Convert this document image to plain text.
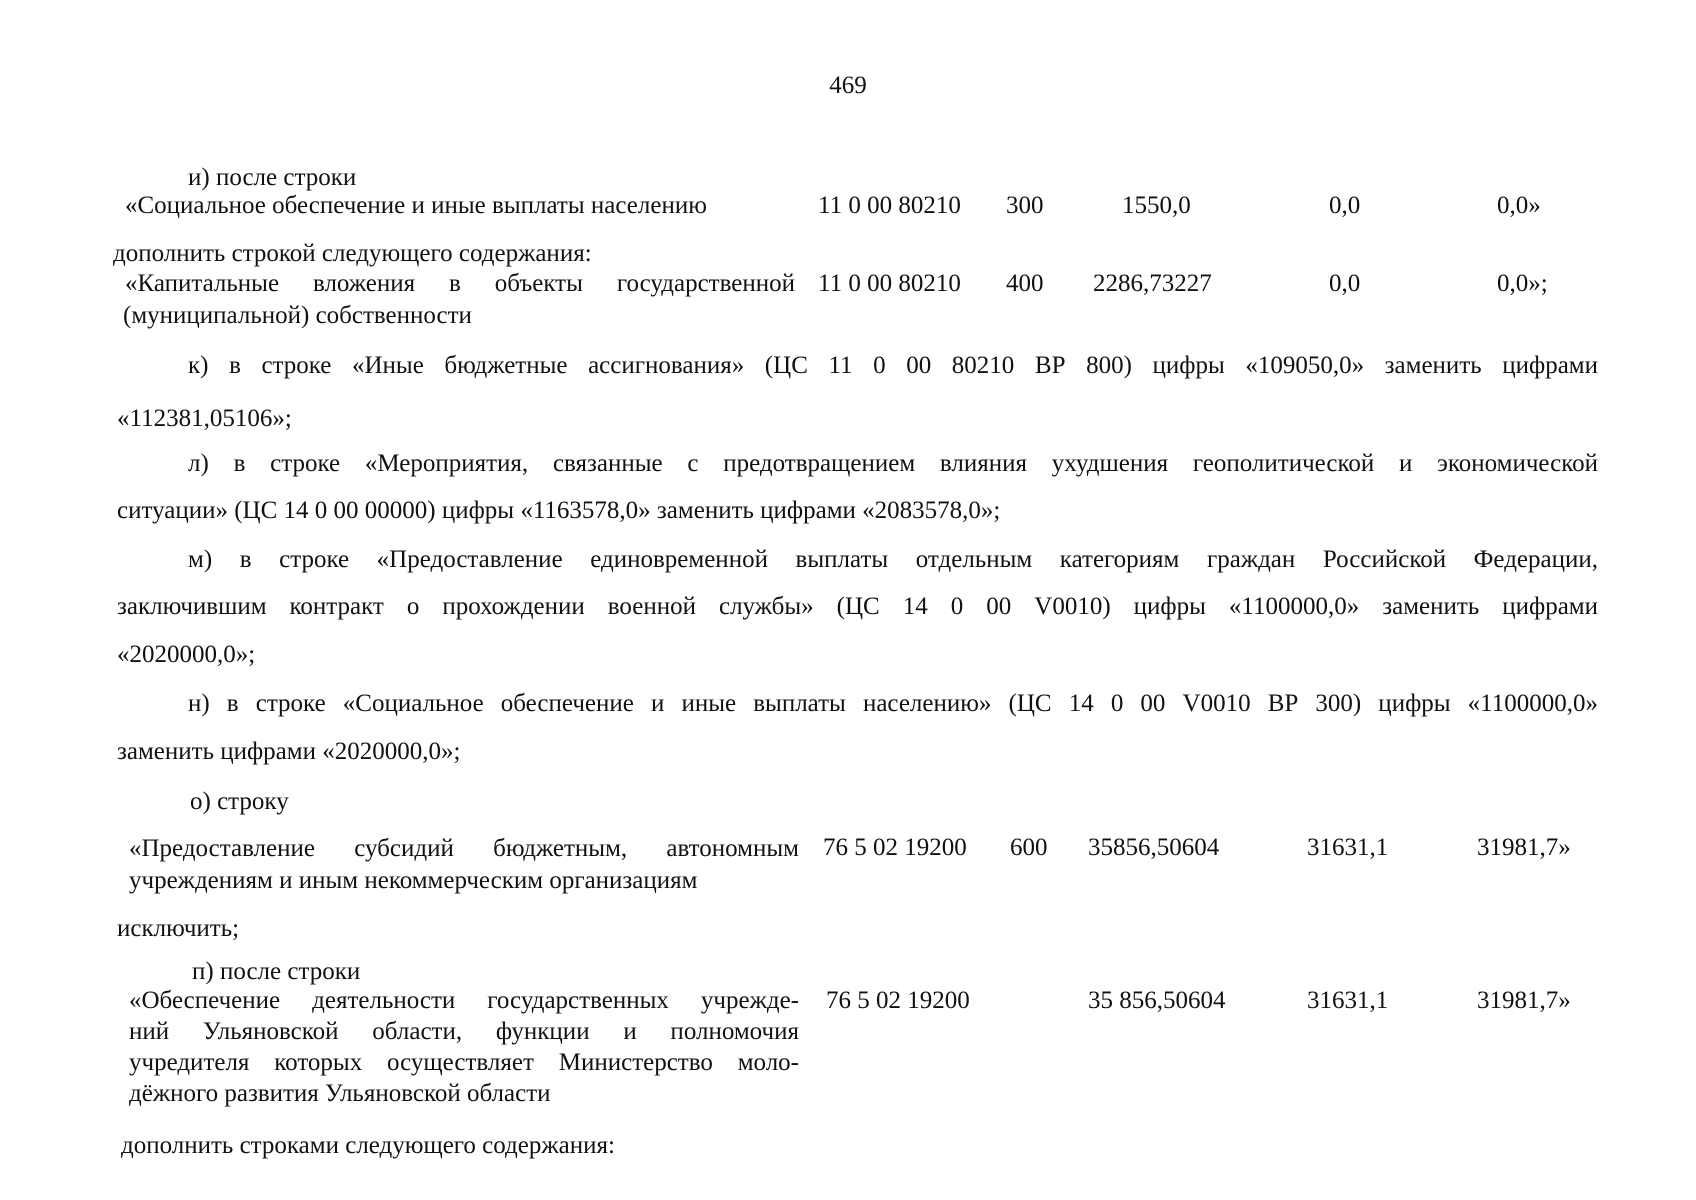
469
и) после строки
«Социальное обеспечение и иные выплаты населению	11 0 00 80210 300	1550,0	0,0	0,0»
дополнить строкой следующего содержания:
«Капитальные вложения в объекты государственной
(муниципальной) собственности
11 0 00 80210 400 2286,73227	0,0	0,0»;
к) в строке «Иные бюджетные ассигнования» (ЦС 11 0 00 80210 ВР 800) цифры «109050,0» заменить цифрами
«112381,05106»;
л) в строке «Мероприятия, связанные с предотвращением влияния ухудшения геополитической и экономической
ситуации» (ЦС 14 0 00 00000) цифры «1163578,0» заменить цифрами «2083578,0»;
м) в строке «Предоставление единовременной выплаты отдельным категориям граждан Российской Федерации,
заключившим контракт о прохождении военной службы» (ЦС 14 0 00 V0010) цифры «1100000,0» заменить цифрами
«2020000,0»;
н) в строке «Социальное обеспечение и иные выплаты населению» (ЦС 14 0 00 V0010 ВР 300) цифры «1100000,0»
заменить цифрами «2020000,0»;
о) строку
«Предоставление субсидий бюджетным, автономным
учреждениям и иным некоммерческим организациям
76 5 02 19200 600 35856,50604	31631,1	31981,7»
исключить;
п) после строки
«Обеспечение деятельности государственных учрежде-
ний Ульяновской области, функции и полномочия
учредителя которых осуществляет Министерство моло-
дёжного развития Ульяновской области
76 5 02 19200	35 856,50604	31631,1	31981,7»
дополнить строками следующего содержания:
